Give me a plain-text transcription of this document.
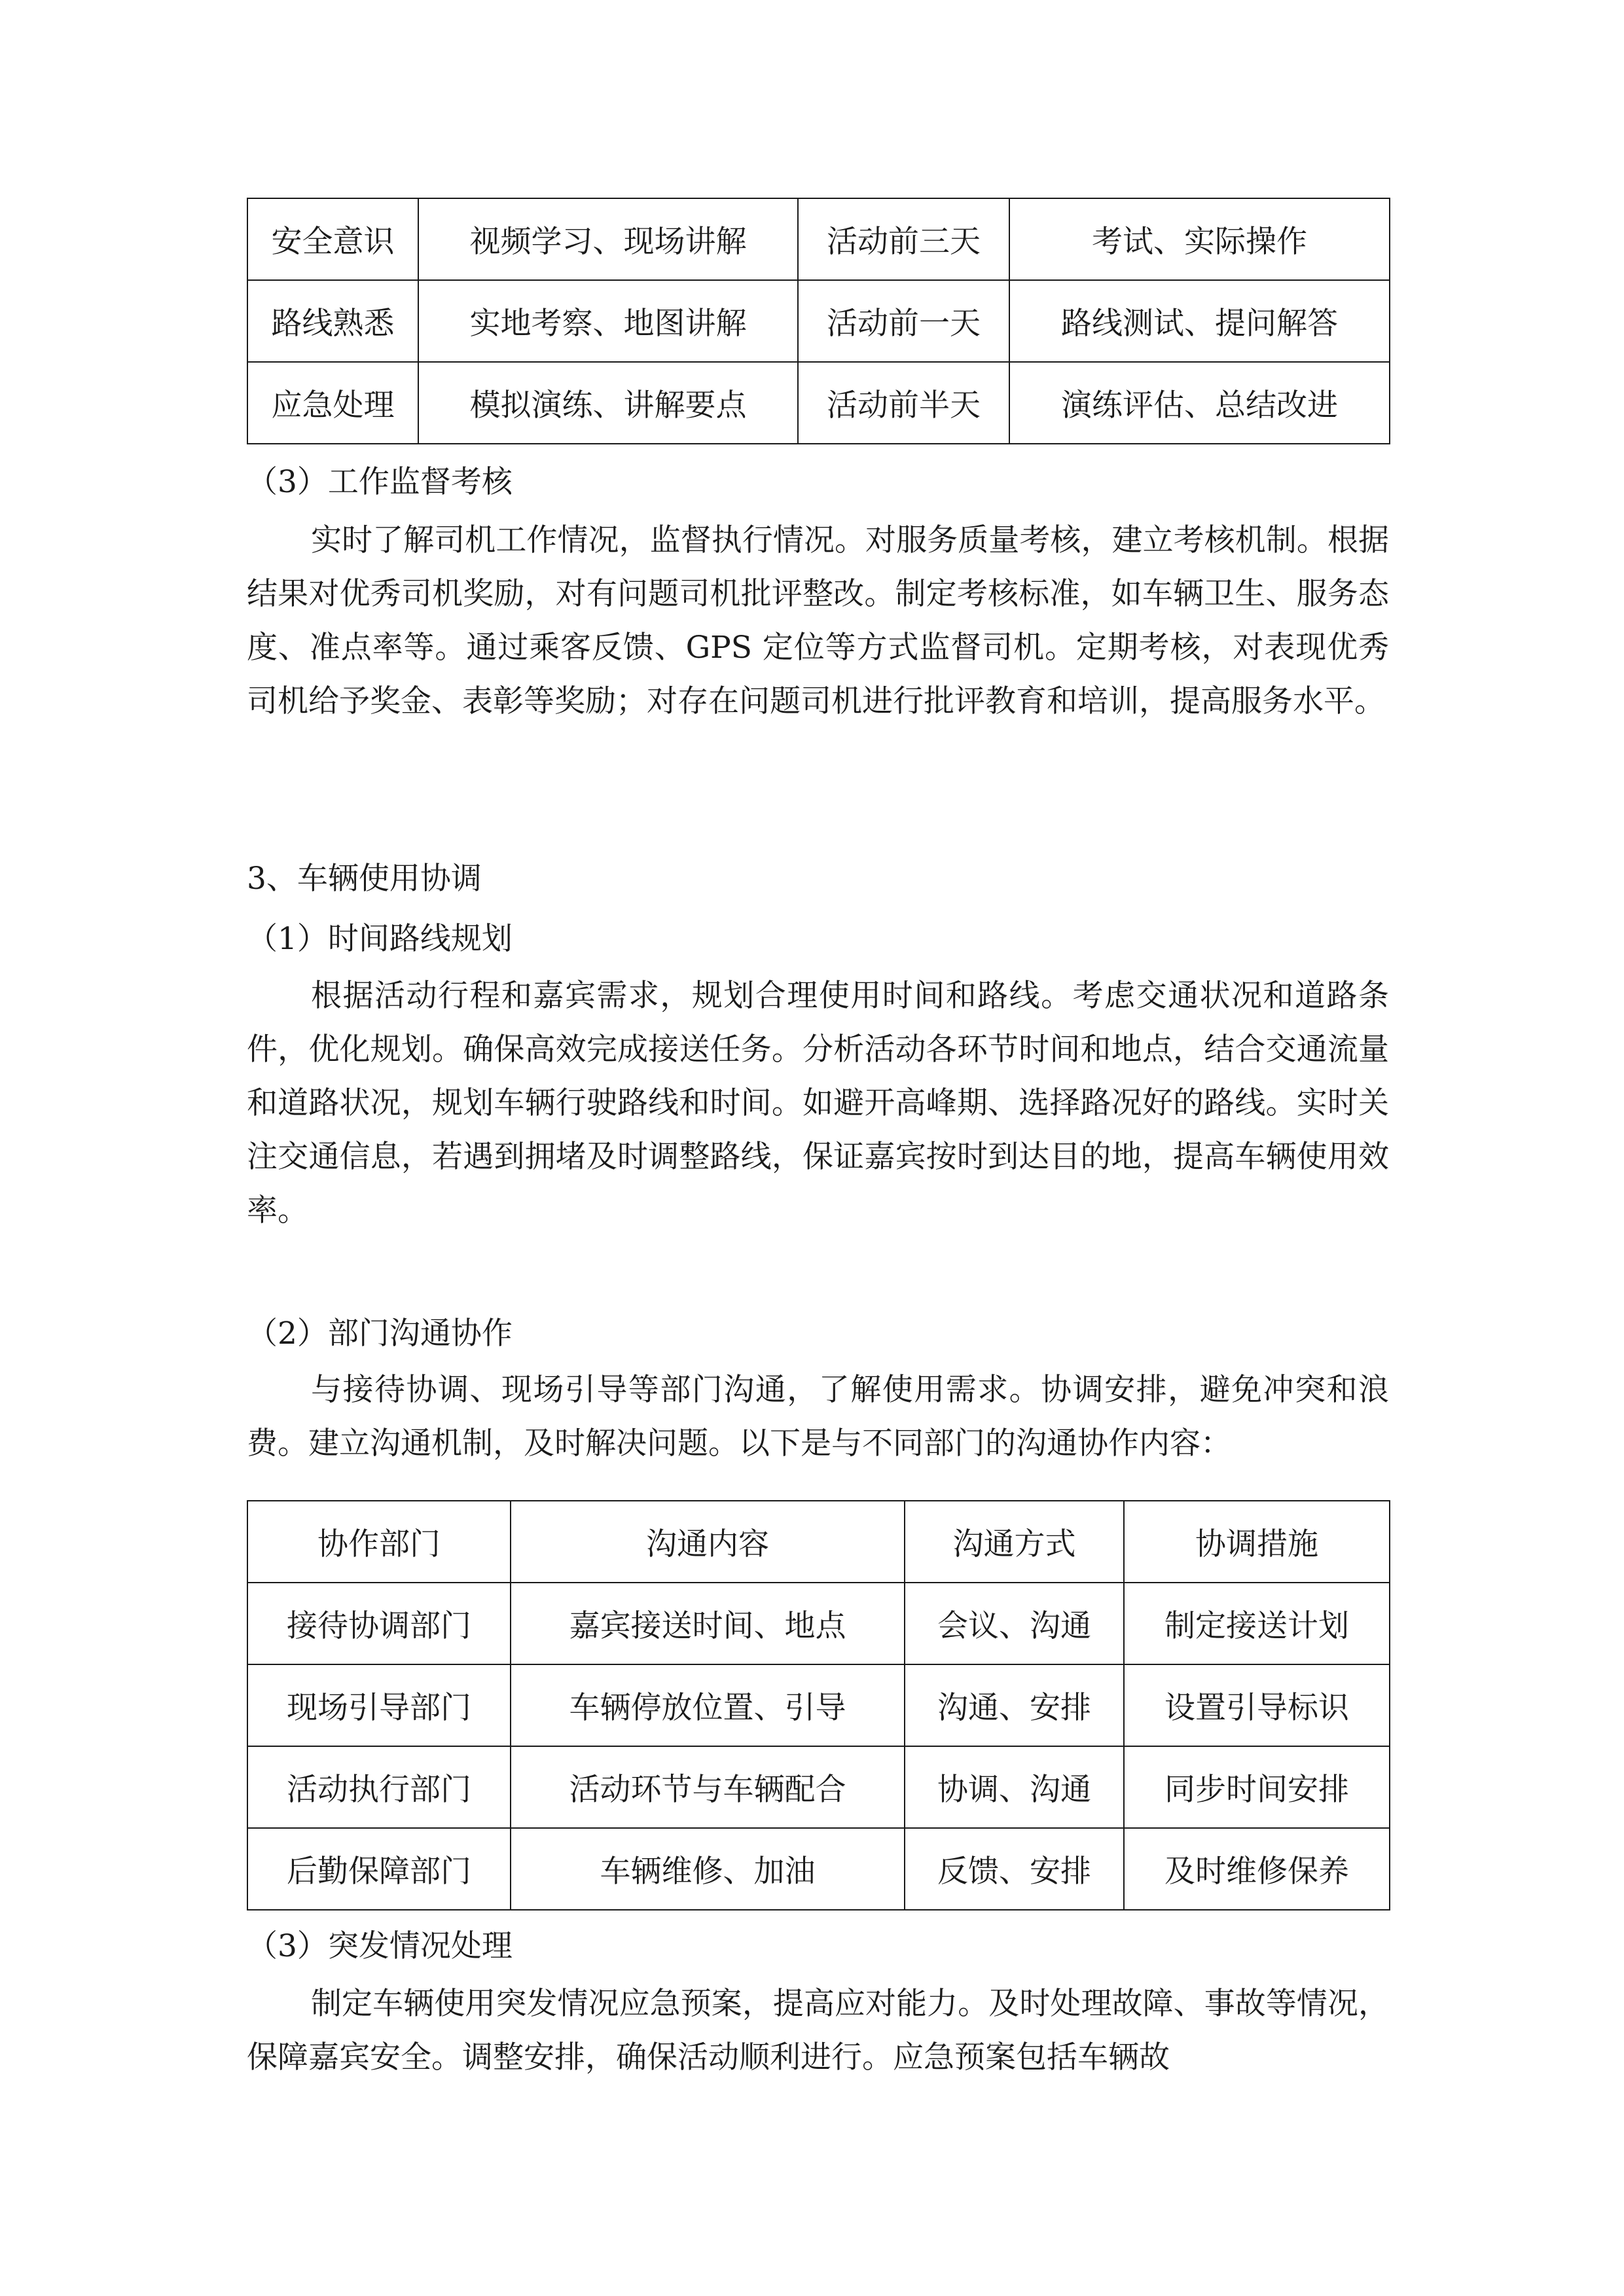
安全意识	视频学习、现场讲解	活动前三天	考试、实际操作
路线熟悉	实地考察、地图讲解	活动前一天	路线测试、提问解答
应急处理	模拟演练、讲解要点	活动前半天	演练评估、总结改进
（3）工作监督考核
实时了解司机工作情况，监督执行情况。对服务质量考核，建立考核机制。根据结果对优秀司机奖励，对有问题司机批评整改。制定考核标准，如车辆卫生、服务态度、准点率等。通过乘客反馈、GPS 定位等方式监督司机。定期考核，对表现优秀司机给予奖金、表彰等奖励；对存在问题司机进行批评教育和培训，提高服务水平。
3、车辆使用协调
（1）时间路线规划
根据活动行程和嘉宾需求，规划合理使用时间和路线。考虑交通状况和道路条件，优化规划。确保高效完成接送任务。分析活动各环节时间和地点，结合交通流量和道路状况，规划车辆行驶路线和时间。如避开高峰期、选择路况好的路线。实时关注交通信息，若遇到拥堵及时调整路线，保证嘉宾按时到达目的地，提高车辆使用效率。
（2）部门沟通协作
与接待协调、现场引导等部门沟通，了解使用需求。协调安排，避免冲突和浪费。建立沟通机制，及时解决问题。以下是与不同部门的沟通协作内容：
协作部门	沟通内容	沟通方式	协调措施
接待协调部门	嘉宾接送时间、地点	会议、沟通	制定接送计划
现场引导部门	车辆停放位置、引导	沟通、安排	设置引导标识
活动执行部门	活动环节与车辆配合	协调、沟通	同步时间安排
后勤保障部门	车辆维修、加油	反馈、安排	及时维修保养
（3）突发情况处理
制定车辆使用突发情况应急预案，提高应对能力。及时处理故障、事故等情况，保障嘉宾安全。调整安排，确保活动顺利进行。应急预案包括车辆故
